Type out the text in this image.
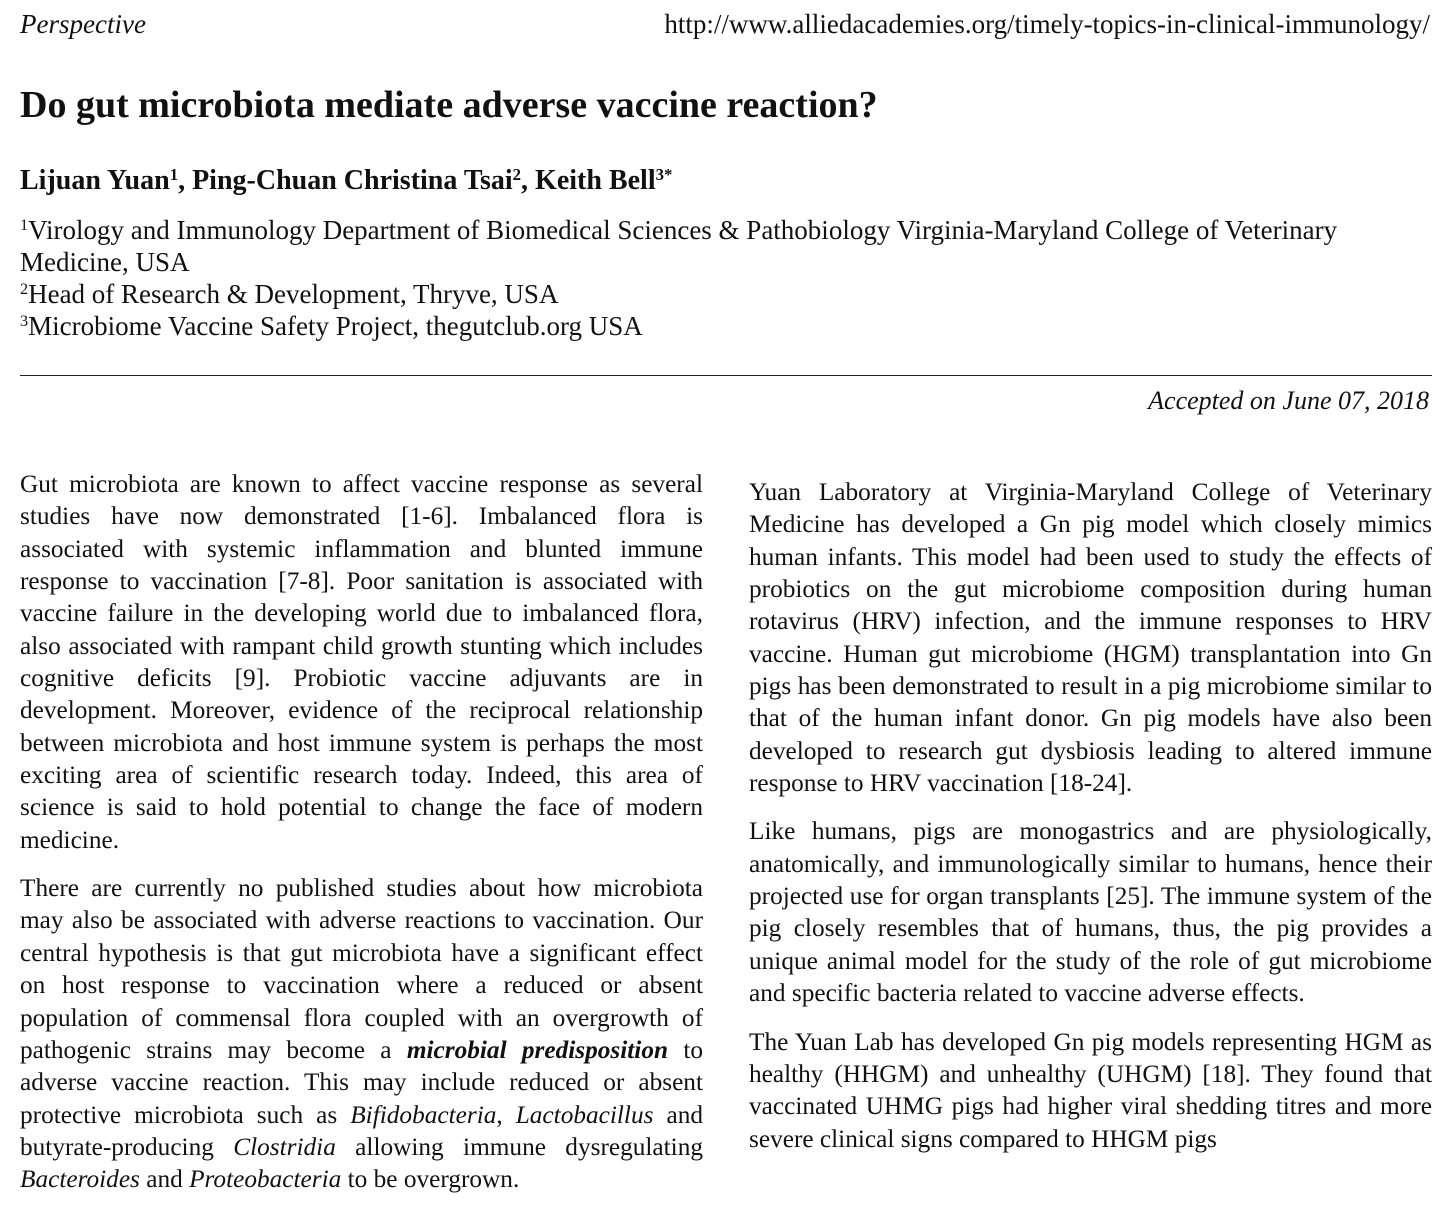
Perspective	http://www.alliedacademies.org/timely-topics-in-clinical-immunology/
Do gut microbiota mediate adverse vaccine reaction?
Lijuan Yuan$^1$, Ping-Chuan Christina Tsai$^2$, Keith Bell$^{3*}$

$^1$Virology and Immunology Department of Biomedical Sciences & Pathobiology Virginia-Maryland College of Veterinary Medicine, USA

$^2$Head of Research & Development, Thryve, USA

$^3$Microbiome Vaccine Safety Project, thegutclub.org USA

Accepted on June 07, 2018

Gut microbiota are known to affect vaccine response as several studies have now demonstrated [1-6]. Imbalanced flora is associated with systemic inflammation and blunted immune response to vaccination [7-8]. Poor sanitation is associated with vaccine failure in the developing world due to imbalanced flora, also associated with rampant child growth stunting which includes cognitive deficits [9]. Probiotic vaccine adjuvants are in development. Moreover, evidence of the reciprocal relationship between microbiota and host immune system is perhaps the most exciting area of scientific research today. Indeed, this area of science is said to hold potential to change the face of modern medicine.

There are currently no published studies about how microbiota may also be associated with adverse reactions to vaccination. Our central hypothesis is that gut microbiota have a significant effect on host response to vaccination where a reduced or absent population of commensal flora coupled with an overgrowth of pathogenic strains may become a microbial predisposition to adverse vaccine reaction. This may include reduced or absent protective microbiota such as Bifidobacteria, Lactobacillus and butyrate-producing Clostridia allowing immune dysregulating Bacteroides and Proteobacteria to be overgrown.

Yuan Laboratory at Virginia-Maryland College of Veterinary Medicine has developed a Gn pig model which closely mimics human infants. This model had been used to study the effects of probiotics on the gut microbiome composition during human rotavirus (HRV) infection, and the immune responses to HRV vaccine. Human gut microbiome (HGM) transplantation into Gn pigs has been demonstrated to result in a pig microbiome similar to that of the human infant donor. Gn pig models have also been developed to research gut dysbiosis leading to altered immune response to HRV vaccination [18-24].

Like humans, pigs are monogastrics and are physiologically, anatomically, and immunologically similar to humans, hence their projected use for organ transplants [25]. The immune system of the pig closely resembles that of humans, thus, the pig provides a unique animal model for the study of the role of gut microbiome and specific bacteria related to vaccine adverse effects.

The Yuan Lab has developed Gn pig models representing HGM as healthy (HHGM) and unhealthy (UHGM) [18]. They found that vaccinated UHMG pigs had higher viral shedding titres and more severe clinical signs compared to HHGM pigs
